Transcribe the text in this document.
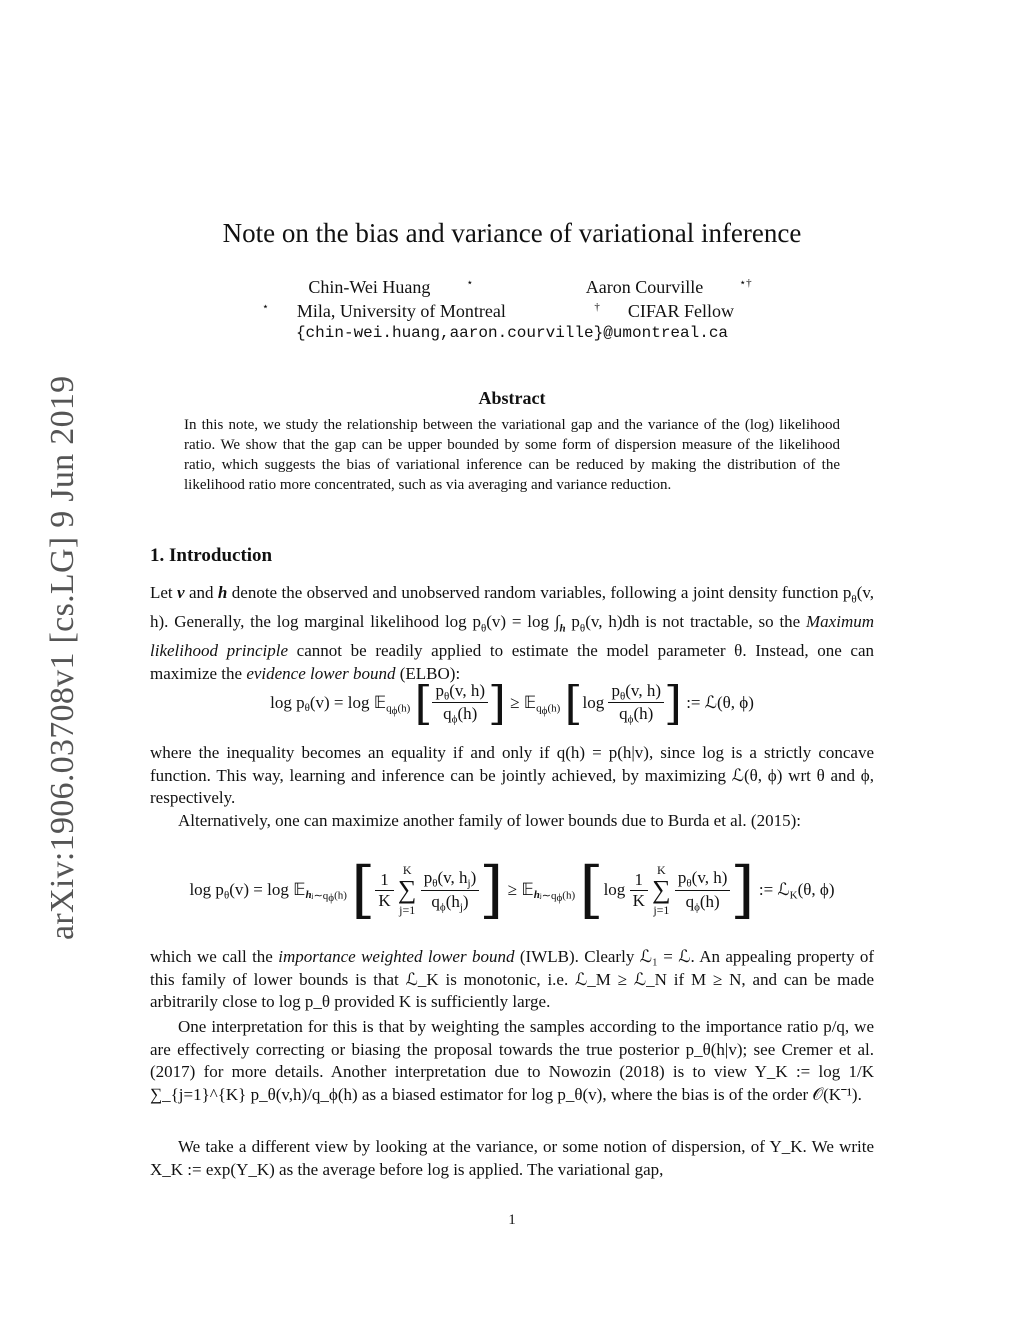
arXiv:1906.03708v1 [cs.LG] 9 Jun 2019
Note on the bias and variance of variational inference
Chin-Wei Huang	⋆	Aaron Courville	⋆†
⋆ Mila, University of Montreal	† CIFAR Fellow
{chin-wei.huang,aaron.courville}@umontreal.ca
Abstract
In this note, we study the relationship between the variational gap and the variance of the (log) likelihood ratio. We show that the gap can be upper bounded by some form of dispersion measure of the likelihood ratio, which suggests the bias of variational inference can be reduced by making the distribution of the likelihood ratio more concentrated, such as via averaging and variance reduction.
1. Introduction

Let v and h denote the observed and unobserved random variables, following a joint density function $p_\theta(v$, h). Generally, the log marginal likelihood $\log p_\theta(v) = \log \int_h$ $p_\theta(v$, h)dh is not tractable, so the Maximum likelihood principle cannot be readily applied to estimate the model parameter θ. Instead, one can maximize the evidence lower bound (ELBO):

$\log p_\theta(v) = \log$ 𝔼$_{q_\phi(h)}$ [ $\frac{p_\theta(v, h)}{q_\phi(h)}$ ] ≥ 𝔼$_{q_\phi(h)}$ [$\log \frac{p_\theta(v, h)}{q_\phi(h)}$ ] := ℒ(θ, ϕ)

where the inequality becomes an equality if and only if q(h) = p(h|v), since log is a strictly concave function. This way, learning and inference can be jointly achieved, by maximizing ℒ(θ, ϕ) wrt θ and ϕ, respectively.

Alternatively, one can maximize another family of lower bounds due to Burda et al. (2015):

$\log p_\theta(v) = \log$ 𝔼$_{hⱼ\sim q_\phi(h)}$ [ $\frac{1}{K}$ K
∑
$j=1 \frac{p_\theta(v, h_j)}{q_\phi(h_j)}$ ] ≥ 𝔼$_{hⱼ\sim q_\phi(h)}$ [$\log \frac{1}{K}$ K
∑
$j=1 \frac{p_\theta(v, h)}{q_\phi(h)}$ ] := ℒ$_K$(θ, ϕ)

which we call the importance weighted lower bound (IWLB). Clearly ℒ₁ = ℒ. An appealing property of this family of lower bounds is that ℒ_K is monotonic, i.e. ℒ_M ≥ ℒ_N if M ≥ N, and can be made arbitrarily close to log p_θ provided K is sufficiently large.

One interpretation for this is that by weighting the samples according to the importance ratio p/q, we are effectively correcting or biasing the proposal towards the true posterior p_θ(h|v); see Cremer et al. (2017) for more details. Another interpretation due to Nowozin (2018) is to view Y_K := log 1/K ∑_{j=1}^{K} p_θ(v,h)/q_ϕ(h) as a biased estimator for log p_θ(v), where the bias is of the order 𝒪(K⁻¹).

We take a different view by looking at the variance, or some notion of dispersion, of Y_K. We write X_K := exp(Y_K) as the average before log is applied. The variational gap,

1
